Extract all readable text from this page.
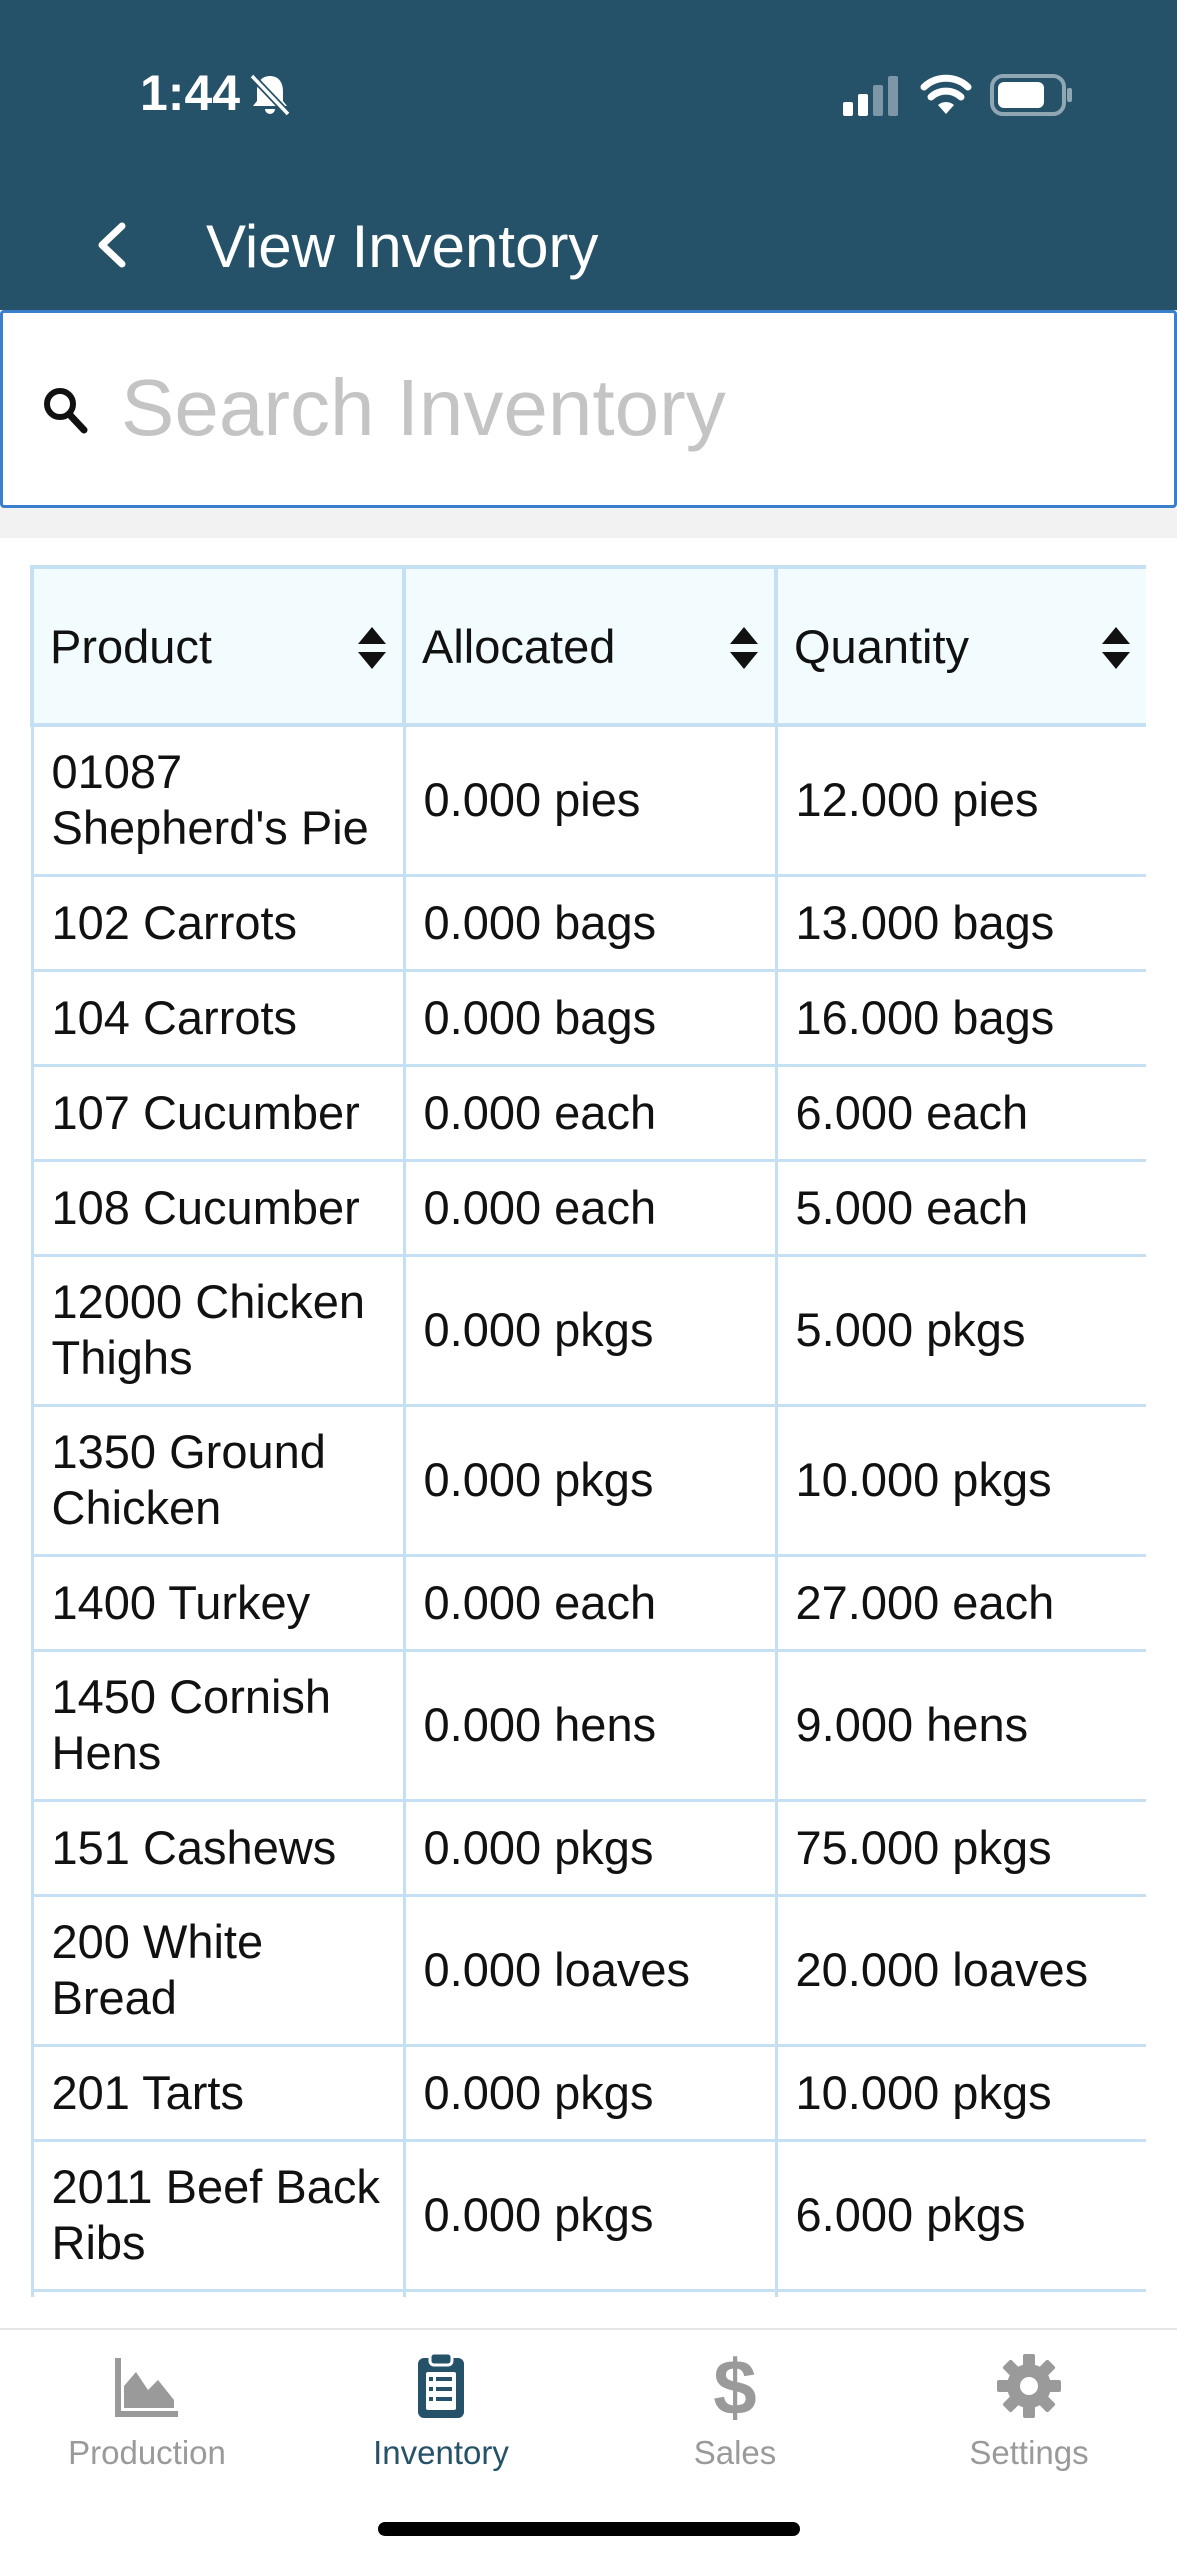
1:44
View Inventory
Search Inventory
Product	Allocated	Quantity

01087 Shepherd's Pie	0.000 pies	12.000 pies
102 Carrots	0.000 bags	13.000 bags
104 Carrots	0.000 bags	16.000 bags
107 Cucumber	0.000 each	6.000 each
108 Cucumber	0.000 each	5.000 each
12000 Chicken Thighs	0.000 pkgs	5.000 pkgs
1350 Ground Chicken	0.000 pkgs	10.000 pkgs
1400 Turkey	0.000 each	27.000 each
1450 Cornish Hens	0.000 hens	9.000 hens
151 Cashews	0.000 pkgs	75.000 pkgs
200 White Bread	0.000 loaves	20.000 loaves
201 Tarts	0.000 pkgs	10.000 pkgs
2011 Beef Back Ribs	0.000 pkgs	6.000 pkgs

Production	Inventory
$
Sales	Settings
